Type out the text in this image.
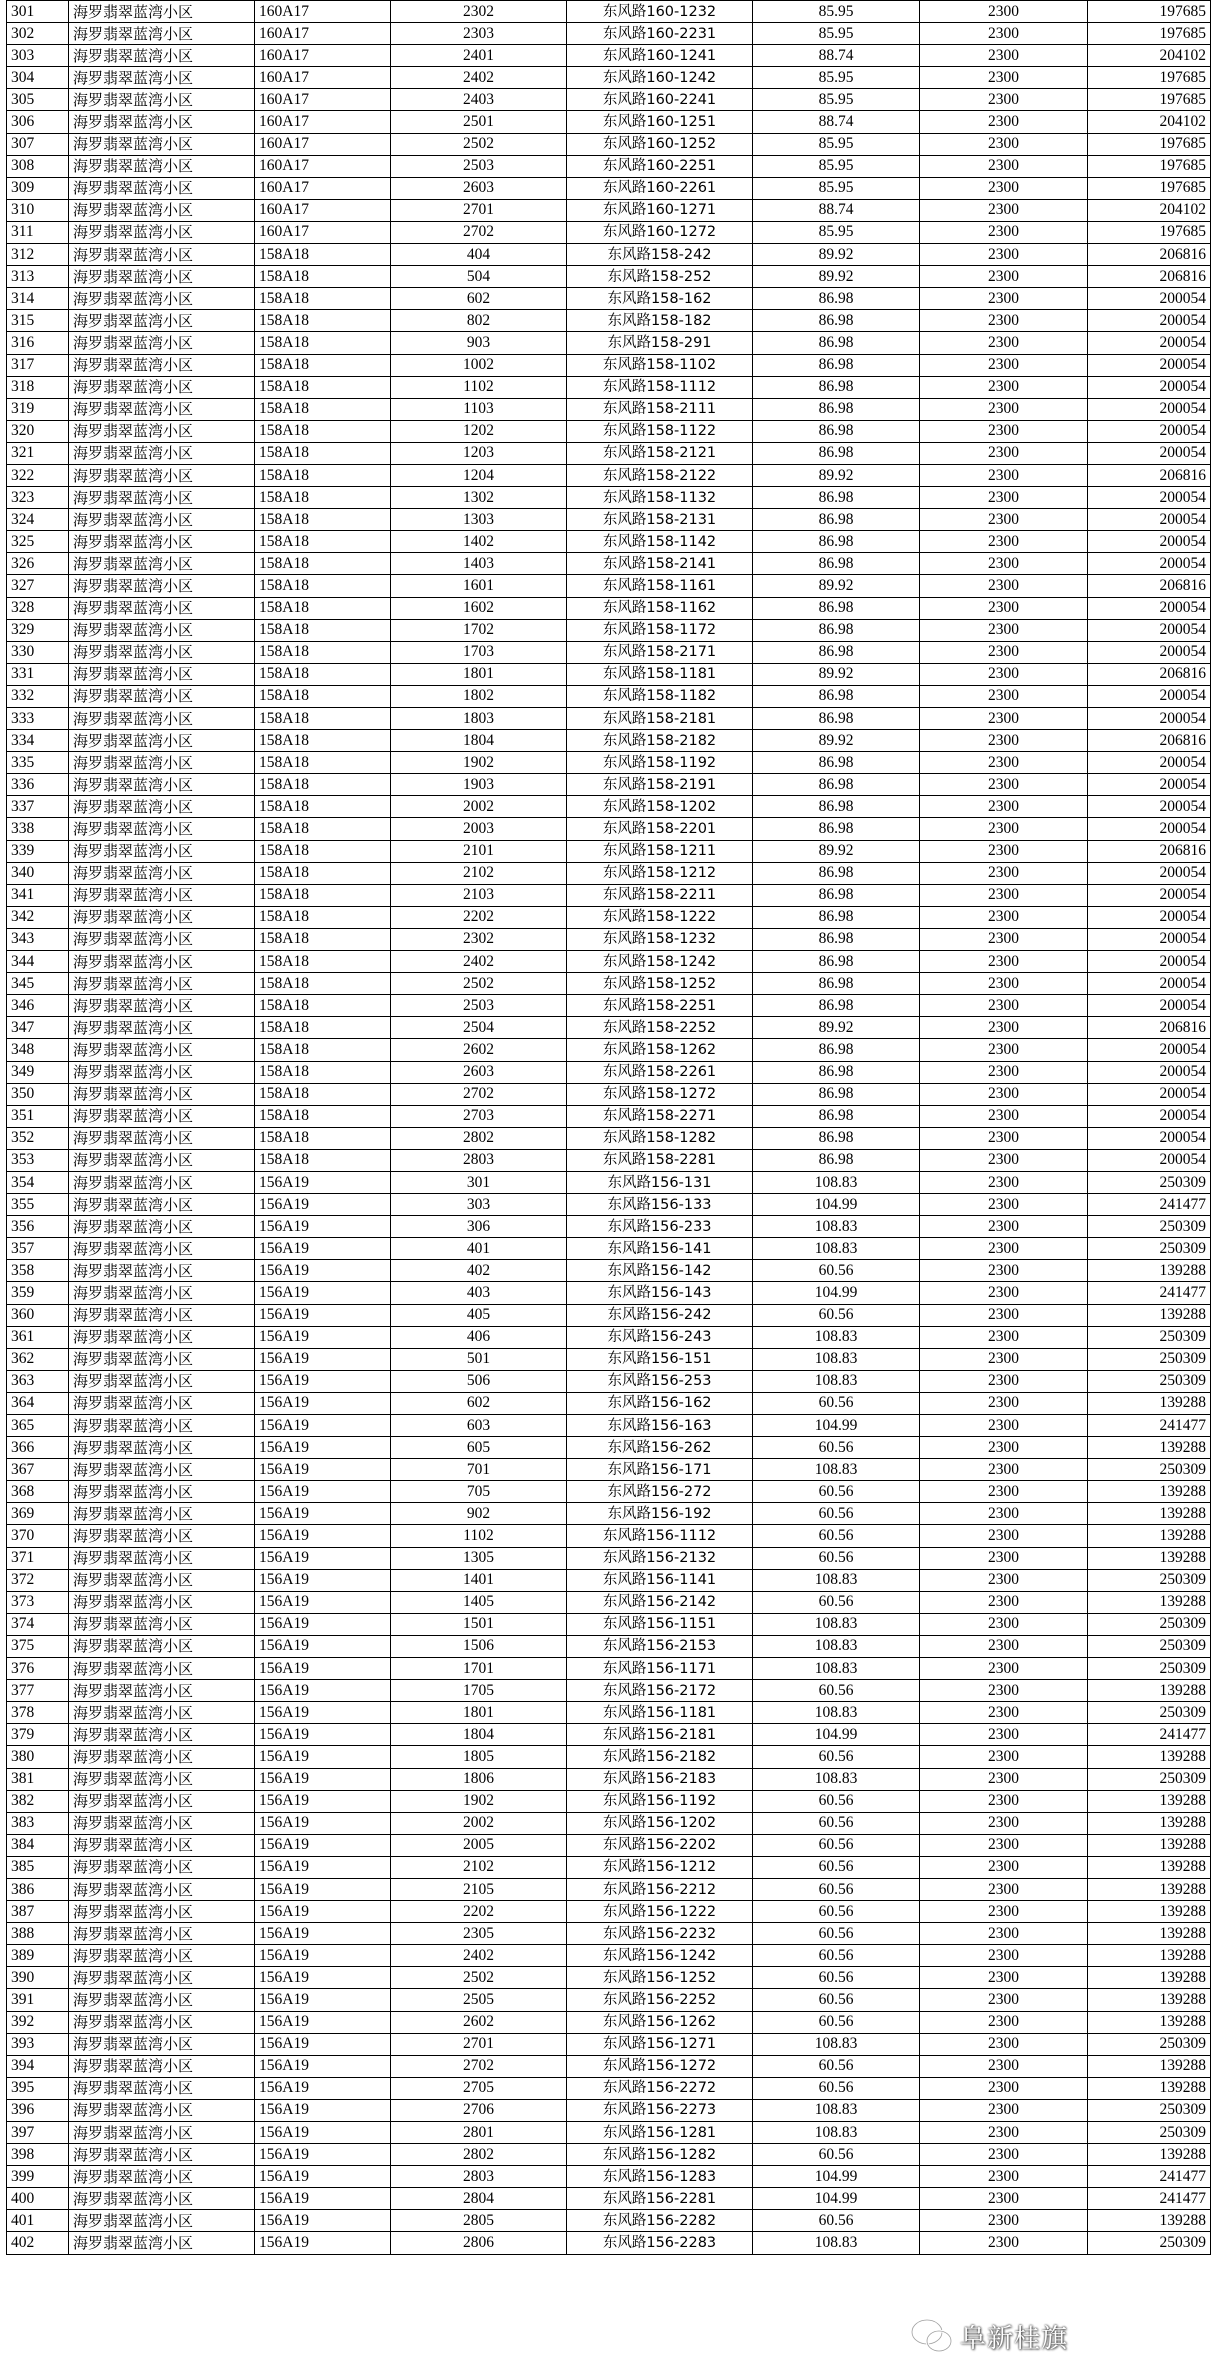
301	海罗翡翠蓝湾小区	160A17	2302	东风路160-1232	85.95	2300	197685
302	海罗翡翠蓝湾小区	160A17	2303	东风路160-2231	85.95	2300	197685
303	海罗翡翠蓝湾小区	160A17	2401	东风路160-1241	88.74	2300	204102
304	海罗翡翠蓝湾小区	160A17	2402	东风路160-1242	85.95	2300	197685
305	海罗翡翠蓝湾小区	160A17	2403	东风路160-2241	85.95	2300	197685
306	海罗翡翠蓝湾小区	160A17	2501	东风路160-1251	88.74	2300	204102
307	海罗翡翠蓝湾小区	160A17	2502	东风路160-1252	85.95	2300	197685
308	海罗翡翠蓝湾小区	160A17	2503	东风路160-2251	85.95	2300	197685
309	海罗翡翠蓝湾小区	160A17	2603	东风路160-2261	85.95	2300	197685
310	海罗翡翠蓝湾小区	160A17	2701	东风路160-1271	88.74	2300	204102
311	海罗翡翠蓝湾小区	160A17	2702	东风路160-1272	85.95	2300	197685
312	海罗翡翠蓝湾小区	158A18	404	东风路158-242	89.92	2300	206816
313	海罗翡翠蓝湾小区	158A18	504	东风路158-252	89.92	2300	206816
314	海罗翡翠蓝湾小区	158A18	602	东风路158-162	86.98	2300	200054
315	海罗翡翠蓝湾小区	158A18	802	东风路158-182	86.98	2300	200054
316	海罗翡翠蓝湾小区	158A18	903	东风路158-291	86.98	2300	200054
317	海罗翡翠蓝湾小区	158A18	1002	东风路158-1102	86.98	2300	200054
318	海罗翡翠蓝湾小区	158A18	1102	东风路158-1112	86.98	2300	200054
319	海罗翡翠蓝湾小区	158A18	1103	东风路158-2111	86.98	2300	200054
320	海罗翡翠蓝湾小区	158A18	1202	东风路158-1122	86.98	2300	200054
321	海罗翡翠蓝湾小区	158A18	1203	东风路158-2121	86.98	2300	200054
322	海罗翡翠蓝湾小区	158A18	1204	东风路158-2122	89.92	2300	206816
323	海罗翡翠蓝湾小区	158A18	1302	东风路158-1132	86.98	2300	200054
324	海罗翡翠蓝湾小区	158A18	1303	东风路158-2131	86.98	2300	200054
325	海罗翡翠蓝湾小区	158A18	1402	东风路158-1142	86.98	2300	200054
326	海罗翡翠蓝湾小区	158A18	1403	东风路158-2141	86.98	2300	200054
327	海罗翡翠蓝湾小区	158A18	1601	东风路158-1161	89.92	2300	206816
328	海罗翡翠蓝湾小区	158A18	1602	东风路158-1162	86.98	2300	200054
329	海罗翡翠蓝湾小区	158A18	1702	东风路158-1172	86.98	2300	200054
330	海罗翡翠蓝湾小区	158A18	1703	东风路158-2171	86.98	2300	200054
331	海罗翡翠蓝湾小区	158A18	1801	东风路158-1181	89.92	2300	206816
332	海罗翡翠蓝湾小区	158A18	1802	东风路158-1182	86.98	2300	200054
333	海罗翡翠蓝湾小区	158A18	1803	东风路158-2181	86.98	2300	200054
334	海罗翡翠蓝湾小区	158A18	1804	东风路158-2182	89.92	2300	206816
335	海罗翡翠蓝湾小区	158A18	1902	东风路158-1192	86.98	2300	200054
336	海罗翡翠蓝湾小区	158A18	1903	东风路158-2191	86.98	2300	200054
337	海罗翡翠蓝湾小区	158A18	2002	东风路158-1202	86.98	2300	200054
338	海罗翡翠蓝湾小区	158A18	2003	东风路158-2201	86.98	2300	200054
339	海罗翡翠蓝湾小区	158A18	2101	东风路158-1211	89.92	2300	206816
340	海罗翡翠蓝湾小区	158A18	2102	东风路158-1212	86.98	2300	200054
341	海罗翡翠蓝湾小区	158A18	2103	东风路158-2211	86.98	2300	200054
342	海罗翡翠蓝湾小区	158A18	2202	东风路158-1222	86.98	2300	200054
343	海罗翡翠蓝湾小区	158A18	2302	东风路158-1232	86.98	2300	200054
344	海罗翡翠蓝湾小区	158A18	2402	东风路158-1242	86.98	2300	200054
345	海罗翡翠蓝湾小区	158A18	2502	东风路158-1252	86.98	2300	200054
346	海罗翡翠蓝湾小区	158A18	2503	东风路158-2251	86.98	2300	200054
347	海罗翡翠蓝湾小区	158A18	2504	东风路158-2252	89.92	2300	206816
348	海罗翡翠蓝湾小区	158A18	2602	东风路158-1262	86.98	2300	200054
349	海罗翡翠蓝湾小区	158A18	2603	东风路158-2261	86.98	2300	200054
350	海罗翡翠蓝湾小区	158A18	2702	东风路158-1272	86.98	2300	200054
351	海罗翡翠蓝湾小区	158A18	2703	东风路158-2271	86.98	2300	200054
352	海罗翡翠蓝湾小区	158A18	2802	东风路158-1282	86.98	2300	200054
353	海罗翡翠蓝湾小区	158A18	2803	东风路158-2281	86.98	2300	200054
354	海罗翡翠蓝湾小区	156A19	301	东风路156-131	108.83	2300	250309
355	海罗翡翠蓝湾小区	156A19	303	东风路156-133	104.99	2300	241477
356	海罗翡翠蓝湾小区	156A19	306	东风路156-233	108.83	2300	250309
357	海罗翡翠蓝湾小区	156A19	401	东风路156-141	108.83	2300	250309
358	海罗翡翠蓝湾小区	156A19	402	东风路156-142	60.56	2300	139288
359	海罗翡翠蓝湾小区	156A19	403	东风路156-143	104.99	2300	241477
360	海罗翡翠蓝湾小区	156A19	405	东风路156-242	60.56	2300	139288
361	海罗翡翠蓝湾小区	156A19	406	东风路156-243	108.83	2300	250309
362	海罗翡翠蓝湾小区	156A19	501	东风路156-151	108.83	2300	250309
363	海罗翡翠蓝湾小区	156A19	506	东风路156-253	108.83	2300	250309
364	海罗翡翠蓝湾小区	156A19	602	东风路156-162	60.56	2300	139288
365	海罗翡翠蓝湾小区	156A19	603	东风路156-163	104.99	2300	241477
366	海罗翡翠蓝湾小区	156A19	605	东风路156-262	60.56	2300	139288
367	海罗翡翠蓝湾小区	156A19	701	东风路156-171	108.83	2300	250309
368	海罗翡翠蓝湾小区	156A19	705	东风路156-272	60.56	2300	139288
369	海罗翡翠蓝湾小区	156A19	902	东风路156-192	60.56	2300	139288
370	海罗翡翠蓝湾小区	156A19	1102	东风路156-1112	60.56	2300	139288
371	海罗翡翠蓝湾小区	156A19	1305	东风路156-2132	60.56	2300	139288
372	海罗翡翠蓝湾小区	156A19	1401	东风路156-1141	108.83	2300	250309
373	海罗翡翠蓝湾小区	156A19	1405	东风路156-2142	60.56	2300	139288
374	海罗翡翠蓝湾小区	156A19	1501	东风路156-1151	108.83	2300	250309
375	海罗翡翠蓝湾小区	156A19	1506	东风路156-2153	108.83	2300	250309
376	海罗翡翠蓝湾小区	156A19	1701	东风路156-1171	108.83	2300	250309
377	海罗翡翠蓝湾小区	156A19	1705	东风路156-2172	60.56	2300	139288
378	海罗翡翠蓝湾小区	156A19	1801	东风路156-1181	108.83	2300	250309
379	海罗翡翠蓝湾小区	156A19	1804	东风路156-2181	104.99	2300	241477
380	海罗翡翠蓝湾小区	156A19	1805	东风路156-2182	60.56	2300	139288
381	海罗翡翠蓝湾小区	156A19	1806	东风路156-2183	108.83	2300	250309
382	海罗翡翠蓝湾小区	156A19	1902	东风路156-1192	60.56	2300	139288
383	海罗翡翠蓝湾小区	156A19	2002	东风路156-1202	60.56	2300	139288
384	海罗翡翠蓝湾小区	156A19	2005	东风路156-2202	60.56	2300	139288
385	海罗翡翠蓝湾小区	156A19	2102	东风路156-1212	60.56	2300	139288
386	海罗翡翠蓝湾小区	156A19	2105	东风路156-2212	60.56	2300	139288
387	海罗翡翠蓝湾小区	156A19	2202	东风路156-1222	60.56	2300	139288
388	海罗翡翠蓝湾小区	156A19	2305	东风路156-2232	60.56	2300	139288
389	海罗翡翠蓝湾小区	156A19	2402	东风路156-1242	60.56	2300	139288
390	海罗翡翠蓝湾小区	156A19	2502	东风路156-1252	60.56	2300	139288
391	海罗翡翠蓝湾小区	156A19	2505	东风路156-2252	60.56	2300	139288
392	海罗翡翠蓝湾小区	156A19	2602	东风路156-1262	60.56	2300	139288
393	海罗翡翠蓝湾小区	156A19	2701	东风路156-1271	108.83	2300	250309
394	海罗翡翠蓝湾小区	156A19	2702	东风路156-1272	60.56	2300	139288
395	海罗翡翠蓝湾小区	156A19	2705	东风路156-2272	60.56	2300	139288
396	海罗翡翠蓝湾小区	156A19	2706	东风路156-2273	108.83	2300	250309
397	海罗翡翠蓝湾小区	156A19	2801	东风路156-1281	108.83	2300	250309
398	海罗翡翠蓝湾小区	156A19	2802	东风路156-1282	60.56	2300	139288
399	海罗翡翠蓝湾小区	156A19	2803	东风路156-1283	104.99	2300	241477
400	海罗翡翠蓝湾小区	156A19	2804	东风路156-2281	104.99	2300	241477
401	海罗翡翠蓝湾小区	156A19	2805	东风路156-2282	60.56	2300	139288
402	海罗翡翠蓝湾小区	156A19	2806	东风路156-2283	108.83	2300	250309
阜新桂旗
